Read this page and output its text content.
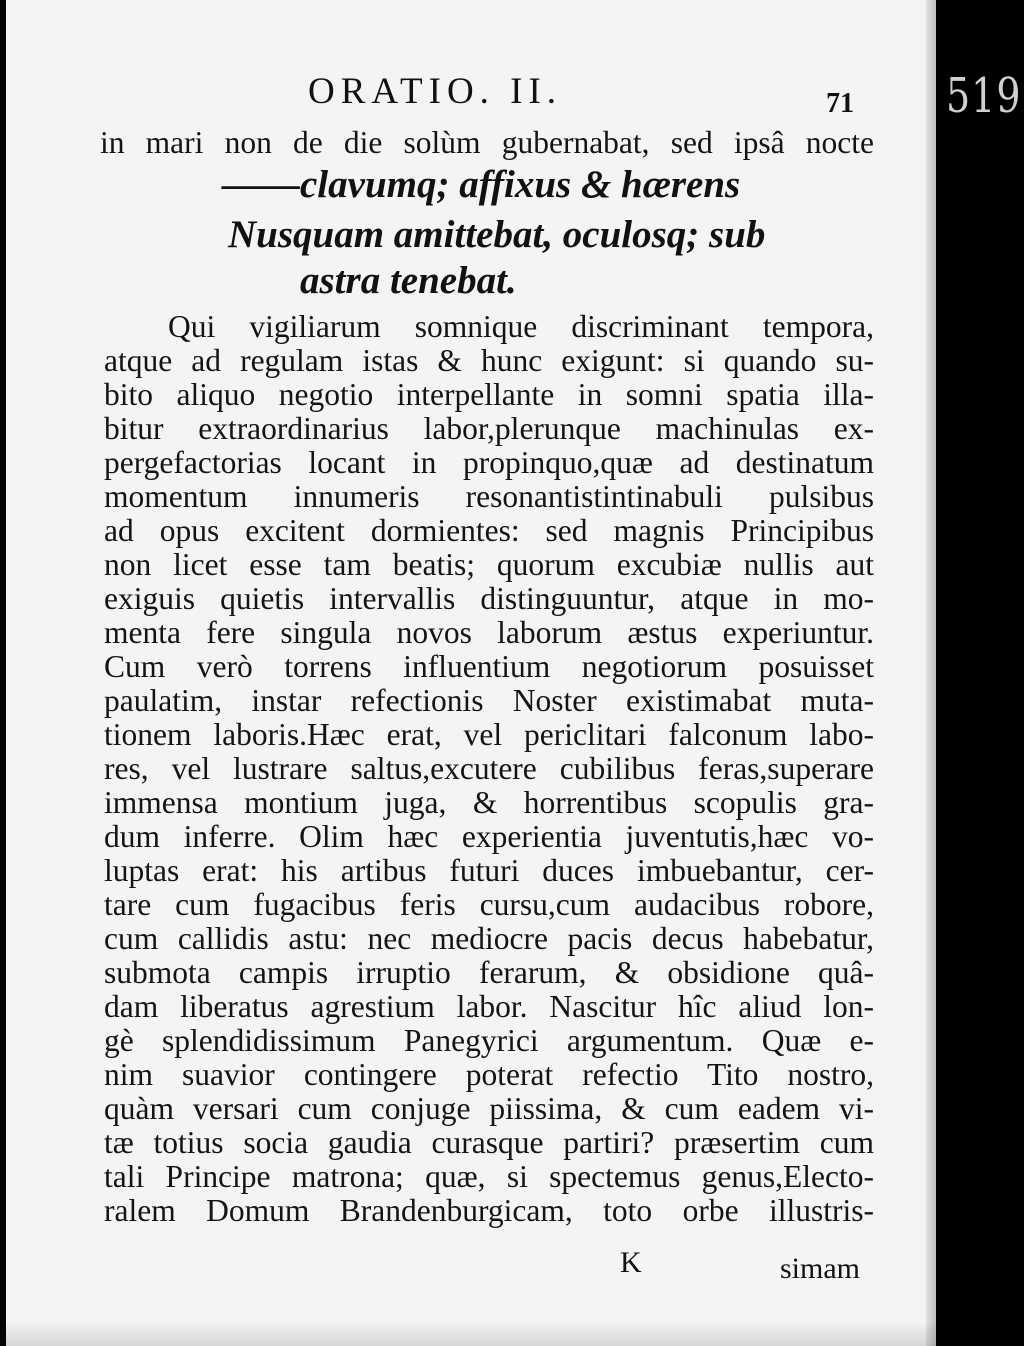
ORATIO. II.	71
in mari non de die solùm gubernabat, sed ipsâ nocte
——clavumq; affixus & hærens
Nusquam amittebat, oculosq; sub
astra tenebat.
Qui vigiliarum somnique discriminant tempora,
atque ad regulam istas & hunc exigunt: si quando su-
bito aliquo negotio interpellante in somni spatia illa-
bitur extraordinarius labor,plerunque machinulas ex-
pergefactorias locant in propinquo,quæ ad destinatum
momentum innumeris resonantistintinabuli pulsibus
ad opus excitent dormientes: sed magnis Principibus
non licet esse tam beatis; quorum excubiæ nullis aut
exiguis quietis intervallis distinguuntur, atque in mo-
menta fere singula novos laborum æstus experiuntur.
Cum verò torrens influentium negotiorum posuisset
paulatim, instar refectionis Noster existimabat muta-
tionem laboris.Hæc erat, vel periclitari falconum labo-
res, vel lustrare saltus,excutere cubilibus feras,superare
immensa montium juga, & horrentibus scopulis gra-
dum inferre. Olim hæc experientia juventutis,hæc vo-
luptas erat: his artibus futuri duces imbuebantur, cer-
tare cum fugacibus feris cursu,cum audacibus robore,
cum callidis astu: nec mediocre pacis decus habebatur,
submota campis irruptio ferarum, & obsidione quâ-
dam liberatus agrestium labor. Nascitur hîc aliud lon-
gè splendidissimum Panegyrici argumentum. Quæ e-
nim suavior contingere poterat refectio Tito nostro,
quàm versari cum conjuge piissima, & cum eadem vi-
tæ totius socia gaudia curasque partiri? præsertim cum
tali Principe matrona; quæ, si spectemus genus,Electo-
ralem Domum Brandenburgicam, toto orbe illustris-
K	simam
519
